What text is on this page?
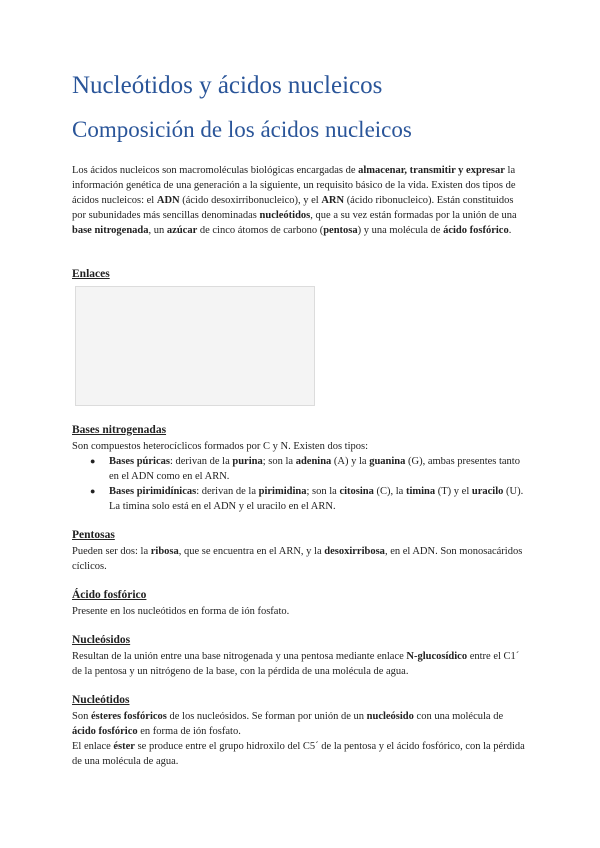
Nucleótidos y ácidos nucleicos
Composición de los ácidos nucleicos

Los ácidos nucleicos son macromoléculas biológicas encargadas de almacenar, transmitir y expresar la información genética de una generación a la siguiente, un requisito básico de la vida. Existen dos tipos de ácidos nucleicos: el ADN (ácido desoxirribonucleico), y el ARN (ácido ribonucleico). Están constituidos por subunidades más sencillas denominadas nucleótidos, que a su vez están formadas por la unión de una base nitrogenada, un azúcar de cinco átomos de carbono (pentosa) y una molécula de ácido fosfórico.

Enlaces

Bases nitrogenadas

Son compuestos heterocíclicos formados por C y N. Existen dos tipos:

● Bases púricas: derivan de la purina; son la adenina (A) y la guanina (G), ambas presentes tanto en el ADN como en el ARN.
● Bases pirimidínicas: derivan de la pirimidina; son la citosina (C), la timina (T) y el uracilo (U). La timina solo está en el ADN y el uracilo en el ARN.

Pentosas

Pueden ser dos: la ribosa, que se encuentra en el ARN, y la desoxirribosa, en el ADN. Son monosacáridos cíclicos.

Ácido fosfórico

Presente en los nucleótidos en forma de ión fosfato.

Nucleósidos

Resultan de la unión entre una base nitrogenada y una pentosa mediante enlace N-glucosídico entre el C1´ de la pentosa y un nitrógeno de la base, con la pérdida de una molécula de agua.

Nucleótidos

Son ésteres fosfóricos de los nucleósidos. Se forman por unión de un nucleósido con una molécula de ácido fosfórico en forma de ión fosfato.

El enlace éster se produce entre el grupo hidroxilo del C5´ de la pentosa y el ácido fosfórico, con la pérdida de una molécula de agua.
